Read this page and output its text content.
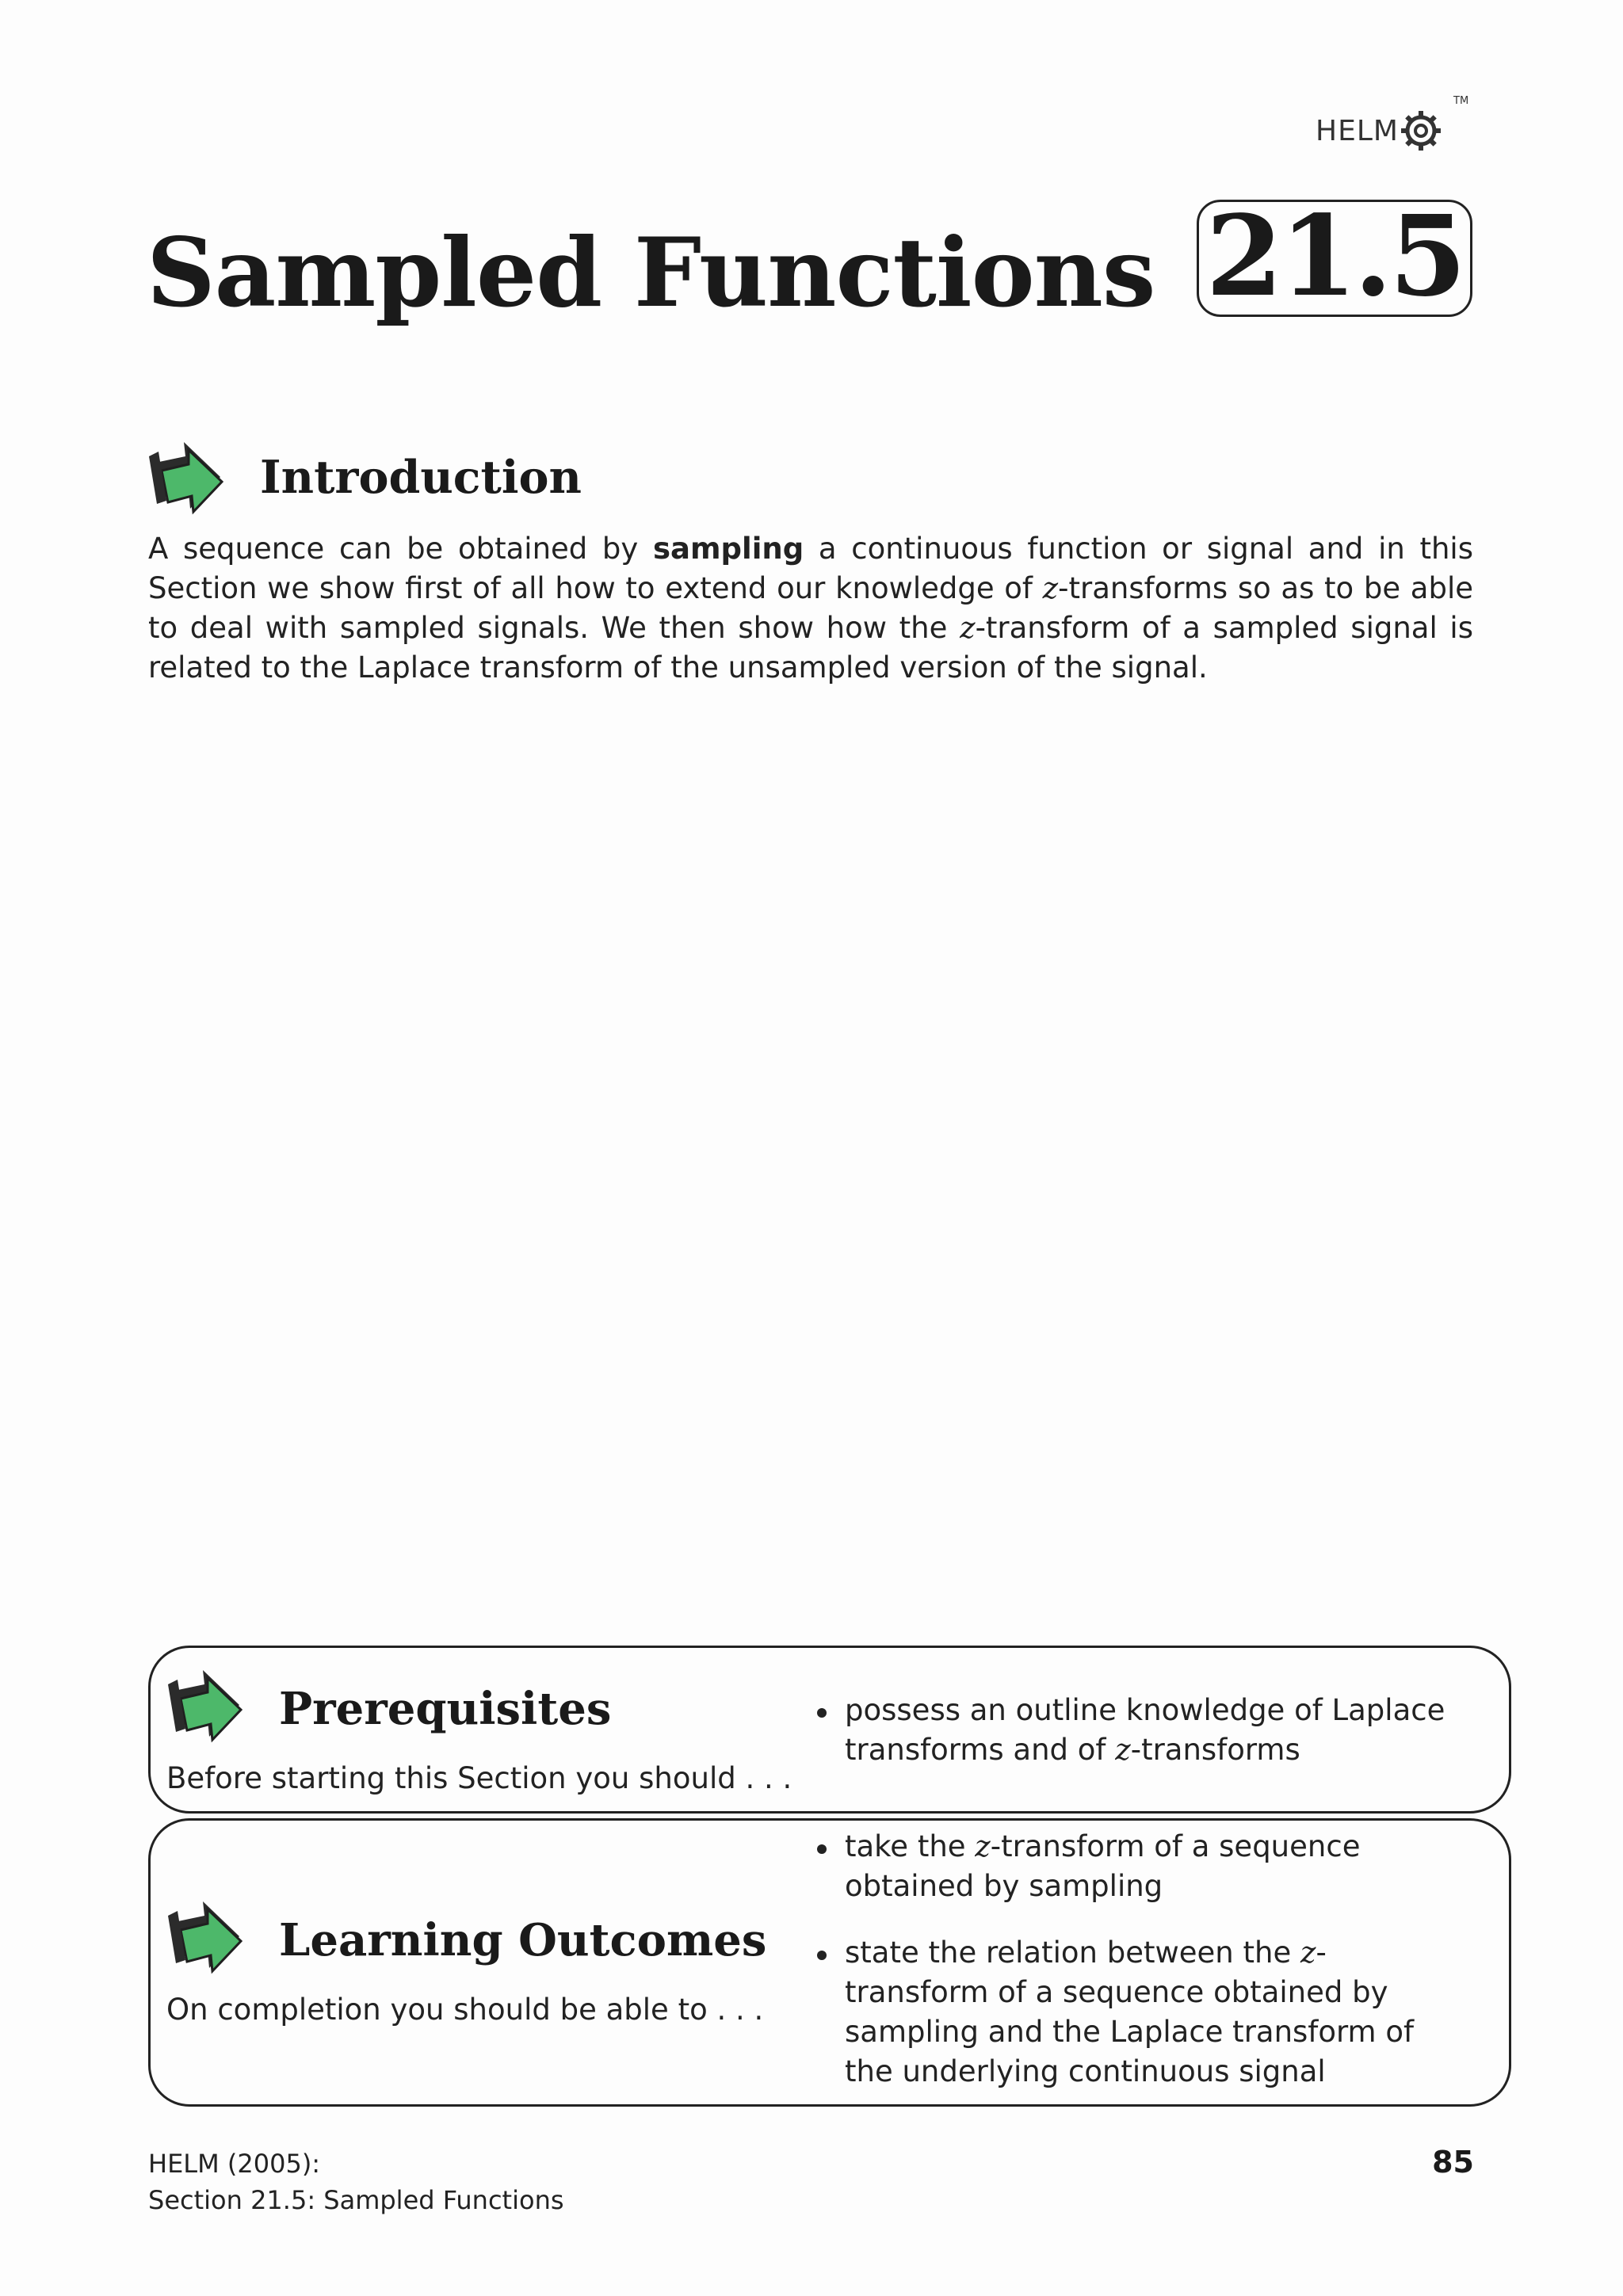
HELM
TM
Sampled Functions 21.5
Introduction
A sequence can be obtained by sampling a continuous function or signal and in this Section we show first of all how to extend our knowledge of z-transforms so as to be able to deal with sampled signals. We then show how the z-transform of a sampled signal is related to the Laplace transform of the unsampled version of the signal.
Prerequisites
Before starting this Section you should . . .
possess an outline knowledge of Laplace transforms and of z-transforms
Learning Outcomes
On completion you should be able to . . .
take the z-transform of a sequence obtained by sampling
state the relation between the z-transform of a sequence obtained by sampling and the Laplace transform of the underlying continuous signal
HELM (2005):
Section 21.5: Sampled Functions
85
